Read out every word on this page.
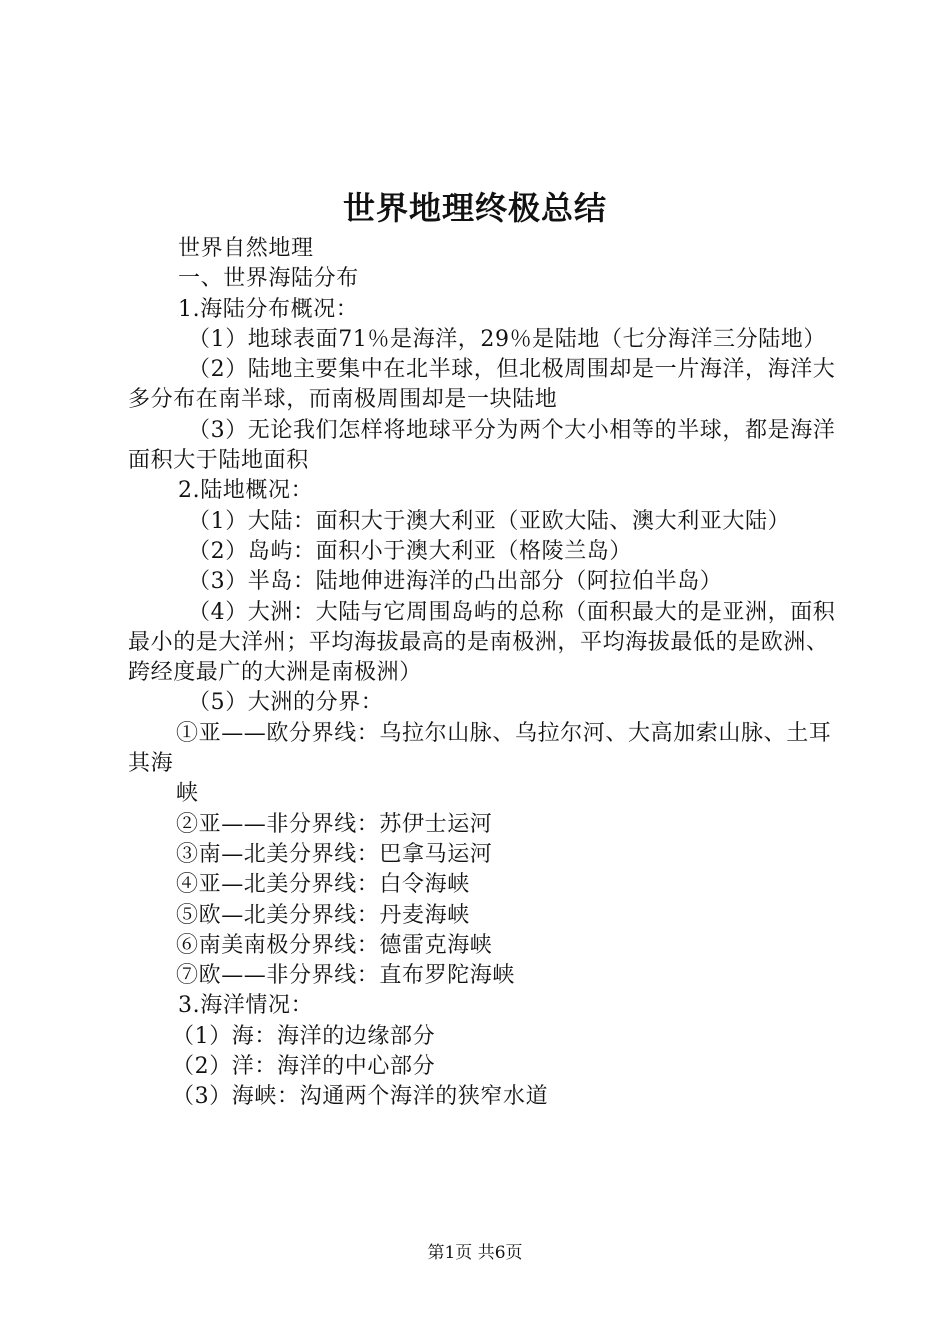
世界地理终极总结
世界自然地理
一、世界海陆分布
1.海陆分布概况：
（1）地球表面71％是海洋，29％是陆地（七分海洋三分陆地）
（2）陆地主要集中在北半球，但北极周围却是一片海洋，海洋大多分布在南半球，而南极周围却是一块陆地
（3）无论我们怎样将地球平分为两个大小相等的半球，都是海洋面积大于陆地面积
2.陆地概况：
（1）大陆：面积大于澳大利亚（亚欧大陆、澳大利亚大陆）
（2）岛屿：面积小于澳大利亚（格陵兰岛）
（3）半岛：陆地伸进海洋的凸出部分（阿拉伯半岛）
（4）大洲：大陆与它周围岛屿的总称（面积最大的是亚洲，面积最小的是大洋州；平均海拔最高的是南极洲，平均海拔最低的是欧洲、跨经度最广的大洲是南极洲）
（5）大洲的分界：
①亚——欧分界线：乌拉尔山脉、乌拉尔河、大高加索山脉、土耳其海
峡
②亚——非分界线：苏伊士运河
③南—北美分界线：巴拿马运河
④亚—北美分界线：白令海峡
⑤欧—北美分界线：丹麦海峡
⑥南美南极分界线：德雷克海峡
⑦欧——非分界线：直布罗陀海峡
3.海洋情况：
（1）海：海洋的边缘部分
（2）洋：海洋的中心部分
（3）海峡：沟通两个海洋的狭窄水道
第1页 共6页
